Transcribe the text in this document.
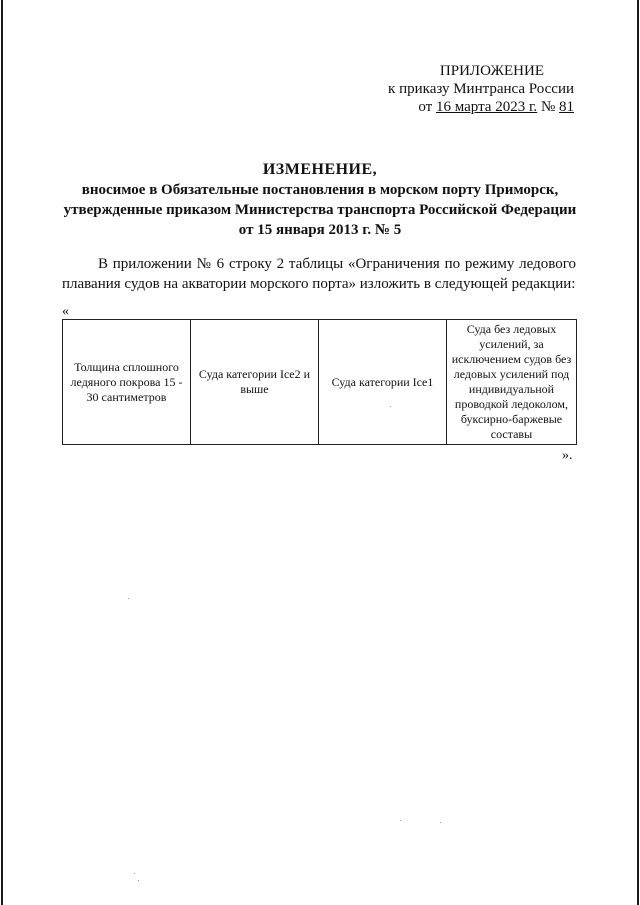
ПРИЛОЖЕНИЕ
к приказу Минтранса России
от 16 марта 2023 г. № 81
ИЗМЕНЕНИЕ,
вносимое в Обязательные постановления в морском порту Приморск,
утвержденные приказом Министерства транспорта Российской Федерации
от 15 января 2013 г. № 5
В приложении № 6 строку 2 таблицы «Ограничения по режиму ледового плавания судов на акватории морского порта» изложить в следующей редакции:
«
Толщина сплошного ледяного покрова 15 - 30 сантиметров	Суда категории Ice2 и выше	Суда категории Ice1	Суда без ледовых усилений, за исключением судов без ледовых усилений под индивидуальной проводкой ледоколом, буксирно-баржевые составы
».
